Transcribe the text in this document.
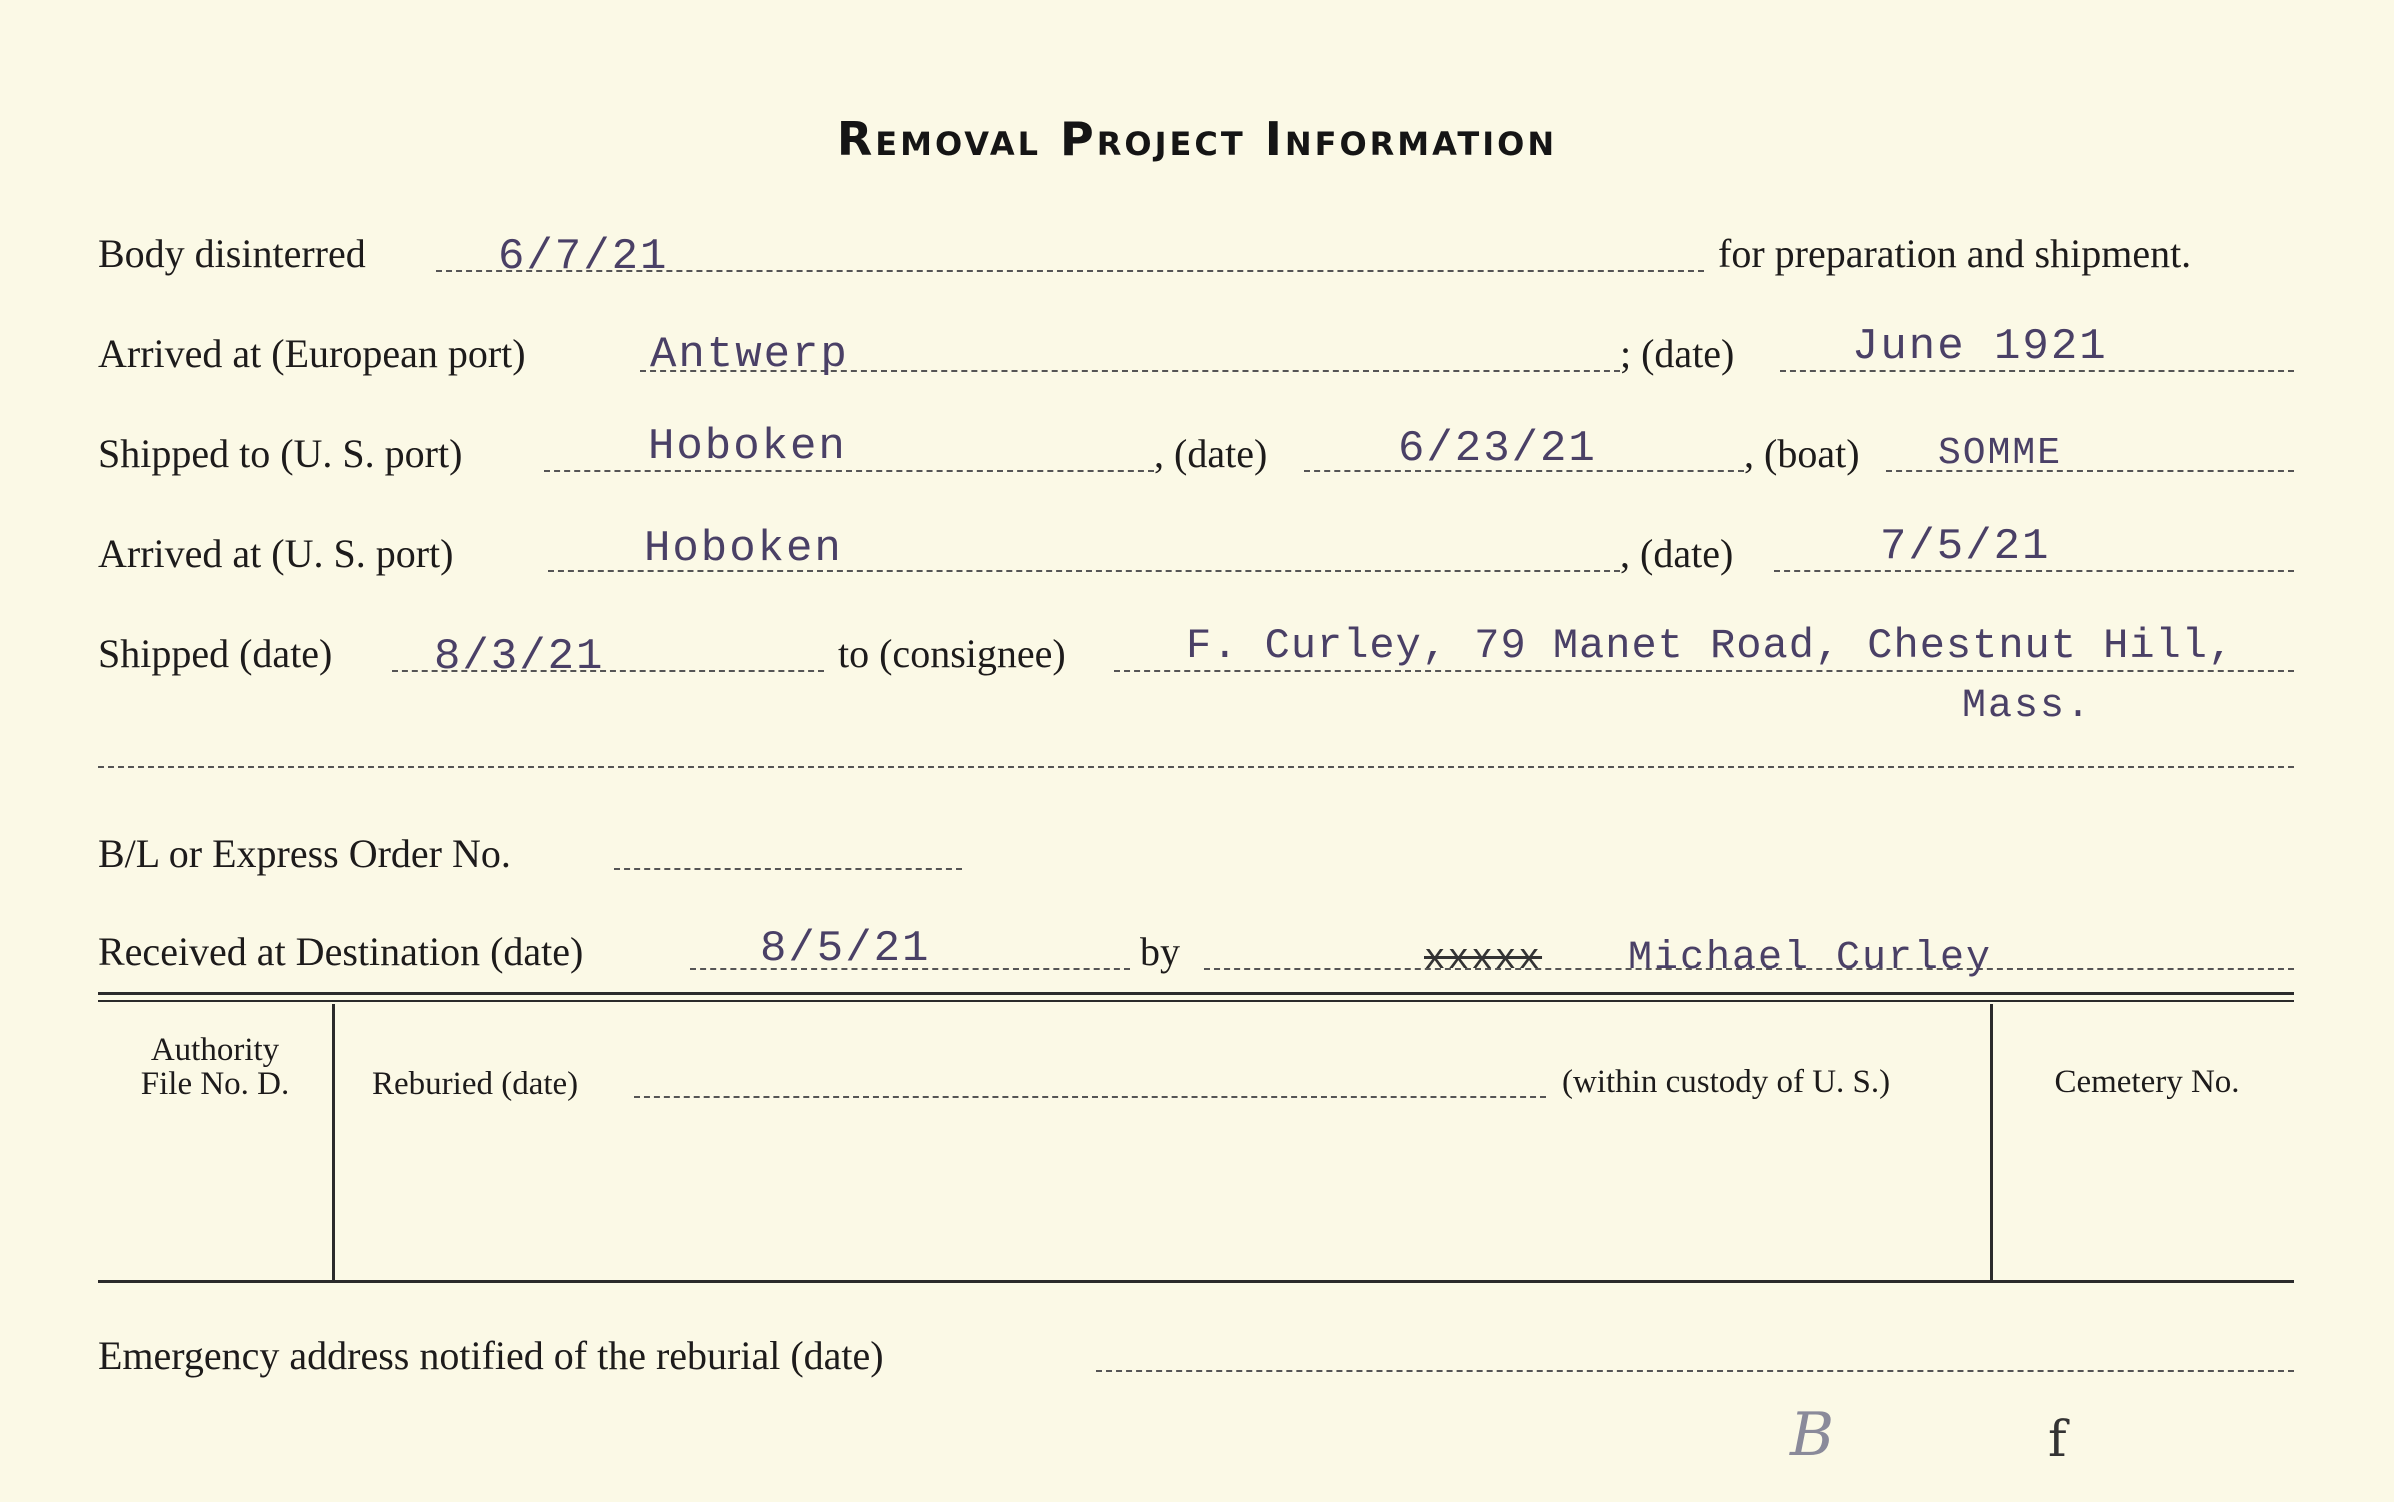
Removal Project Information
Body disinterred	6/7/21	for preparation and shipment.
Arrived at (European port)	Antwerp	; (date)	June 1921
Shipped to (U. S. port)	Hoboken	, (date)	6/23/21	, (boat) SOMME
Arrived at (U. S. port)	Hoboken	, (date)	7/5/21
Shipped (date) 8/3/21	to (consignee)	F. Curley, 79 Manet Road, Chestnut Hill,
Mass.
B/L or Express Order No.
Received at Destination (date)	8/5/21	by	xxxxx Michael Curley
Authority
File No. D.	Reburied (date)	(within custody of U. S.)	Cemetery No.
Emergency address notified of the reburial (date)
B	f
